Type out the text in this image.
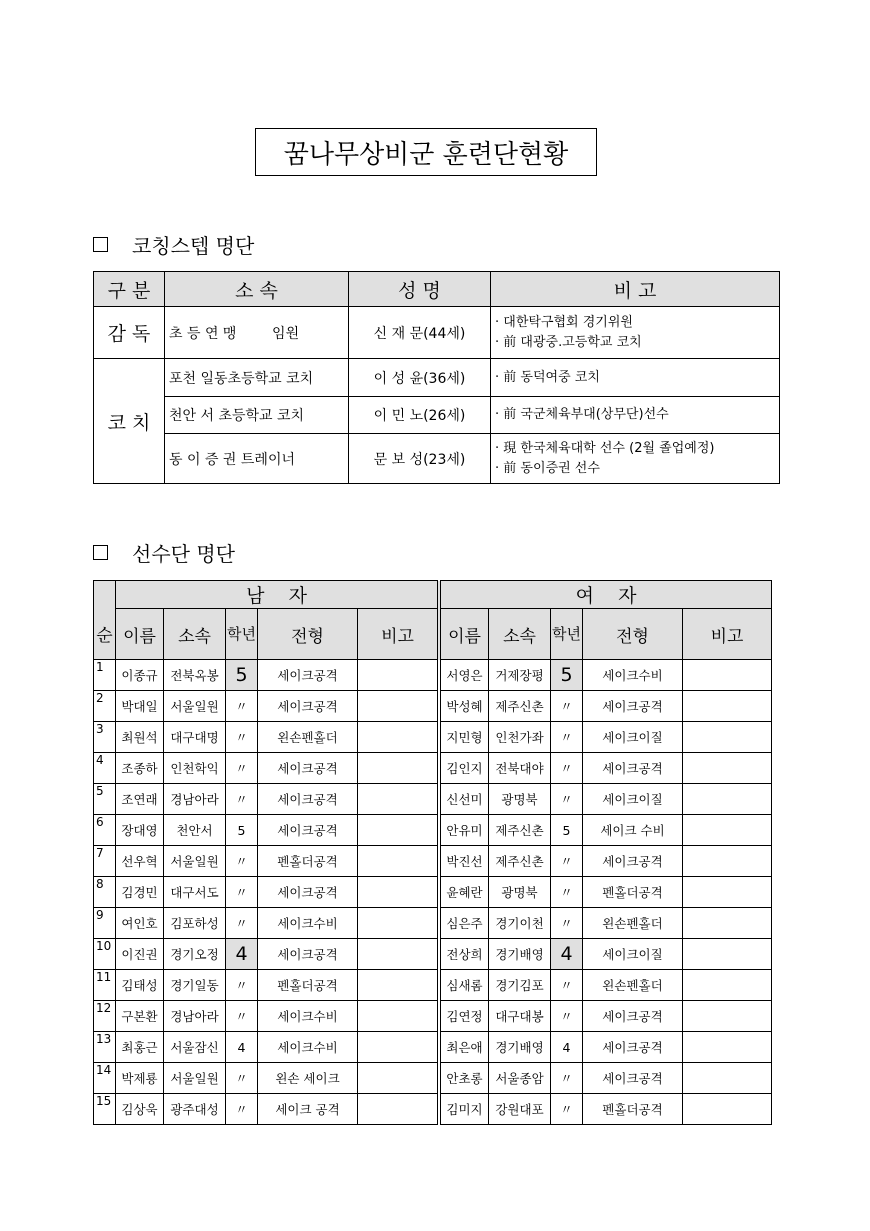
꿈나무상비군 훈련단현황
코칭스텝 명단
구 분	소 속	성 명	비 고
감 독	초 등 연 맹        임원	신 재 문(44세)	· 대한탁구협회 경기위원
· 前 대광중.고등학교 코치

코 치	포천 일동초등학교 코치	이 성 윤(36세)	· 前 동덕여중 코치

	천안 서 초등학교 코치	이 민 노(26세)	· 前 국군체육부대(상무단)선수

	동 이 증 권 트레이너	문 보 성(23세)	· 現 한국체육대학 선수 (2월 졸업예정)
· 前 동이증권 선수
선수단 명단
	남    자						여    자				
순	이름	소속	학년	전형	비고		이름	소속	학년	전형	비고
1	이종규	전북옥봉	5	세이크공격			서영은	거제장평	5	세이크수비	
2	박대일	서울일원	〃	세이크공격			박성혜	제주신촌	〃	세이크공격	
3	최원석	대구대명	〃	왼손펜홀더			지민형	인천가좌	〃	세이크이질	
4	조종하	인천학익	〃	세이크공격			김인지	전북대야	〃	세이크공격	
5	조연래	경남아라	〃	세이크공격			신선미	광명북	〃	세이크이질	
6	장대영	천안서	5	세이크공격			안유미	제주신촌	5	세이크 수비	
7	선우혁	서울일원	〃	펜홀더공격			박진선	제주신촌	〃	세이크공격	
8	김경민	대구서도	〃	세이크공격			윤혜란	광명북	〃	펜홀더공격	
9	여인호	김포하성	〃	세이크수비			심은주	경기이천	〃	왼손펜홀더	
10	이진권	경기오정	4	세이크공격			전상희	경기배영	4	세이크이질	
11	김태성	경기일동	〃	펜홀더공격			심새롬	경기김포	〃	왼손펜홀더	
12	구본환	경남아라	〃	세이크수비			김연정	대구대봉	〃	세이크공격	
13	최홍근	서울잠신	4	세이크수비			최은애	경기배영	4	세이크공격	
14	박제룡	서울일원	〃	왼손 세이크			안초롱	서울종암	〃	세이크공격	
15	김상욱	광주대성	〃	세이크 공격			김미지	강원대포	〃	펜홀더공격	
